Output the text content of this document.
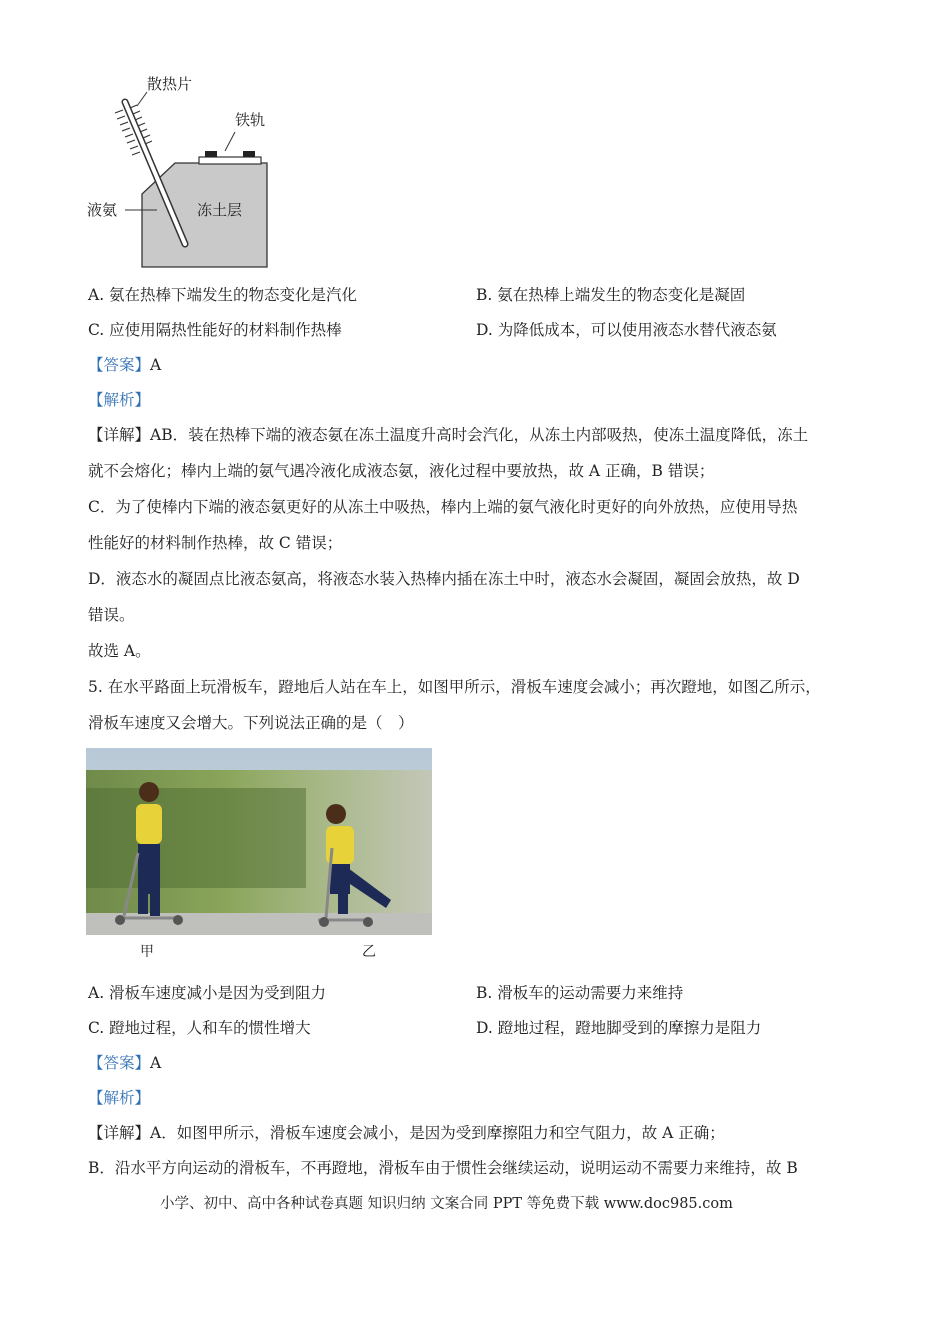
散热片
铁轨
液氨	冻土层
A. 氨在热棒下端发生的物态变化是汽化	B. 氨在热棒上端发生的物态变化是凝固
C. 应使用隔热性能好的材料制作热棒	D. 为降低成本，可以使用液态水替代液态氨
【答案】A
【解析】
【详解】AB．装在热棒下端的液态氨在冻土温度升高时会汽化，从冻土内部吸热，使冻土温度降低，冻土
就不会熔化；棒内上端的氨气遇冷液化成液态氨，液化过程中要放热，故 A 正确，B 错误；
C．为了使棒内下端的液态氨更好的从冻土中吸热，棒内上端的氨气液化时更好的向外放热，应使用导热
性能好的材料制作热棒，故 C 错误；
D．液态水的凝固点比液态氨高，将液态水装入热棒内插在冻土中时，液态水会凝固，凝固会放热，故 D
错误。
故选 A。
5. 在水平路面上玩滑板车，蹬地后人站在车上，如图甲所示，滑板车速度会减小；再次蹬地，如图乙所示，
滑板车速度又会增大。下列说法正确的是（　）
甲	乙
A. 滑板车速度减小是因为受到阻力	B. 滑板车的运动需要力来维持
C. 蹬地过程，人和车的惯性增大	D. 蹬地过程，蹬地脚受到的摩擦力是阻力
【答案】A
【解析】
【详解】A．如图甲所示，滑板车速度会减小，是因为受到摩擦阻力和空气阻力，故 A 正确；
B．沿水平方向运动的滑板车，不再蹬地，滑板车由于惯性会继续运动，说明运动不需要力来维持，故 B
小学、初中、高中各种试卷真题 知识归纳 文案合同 PPT 等免费下载 www.doc985.com
